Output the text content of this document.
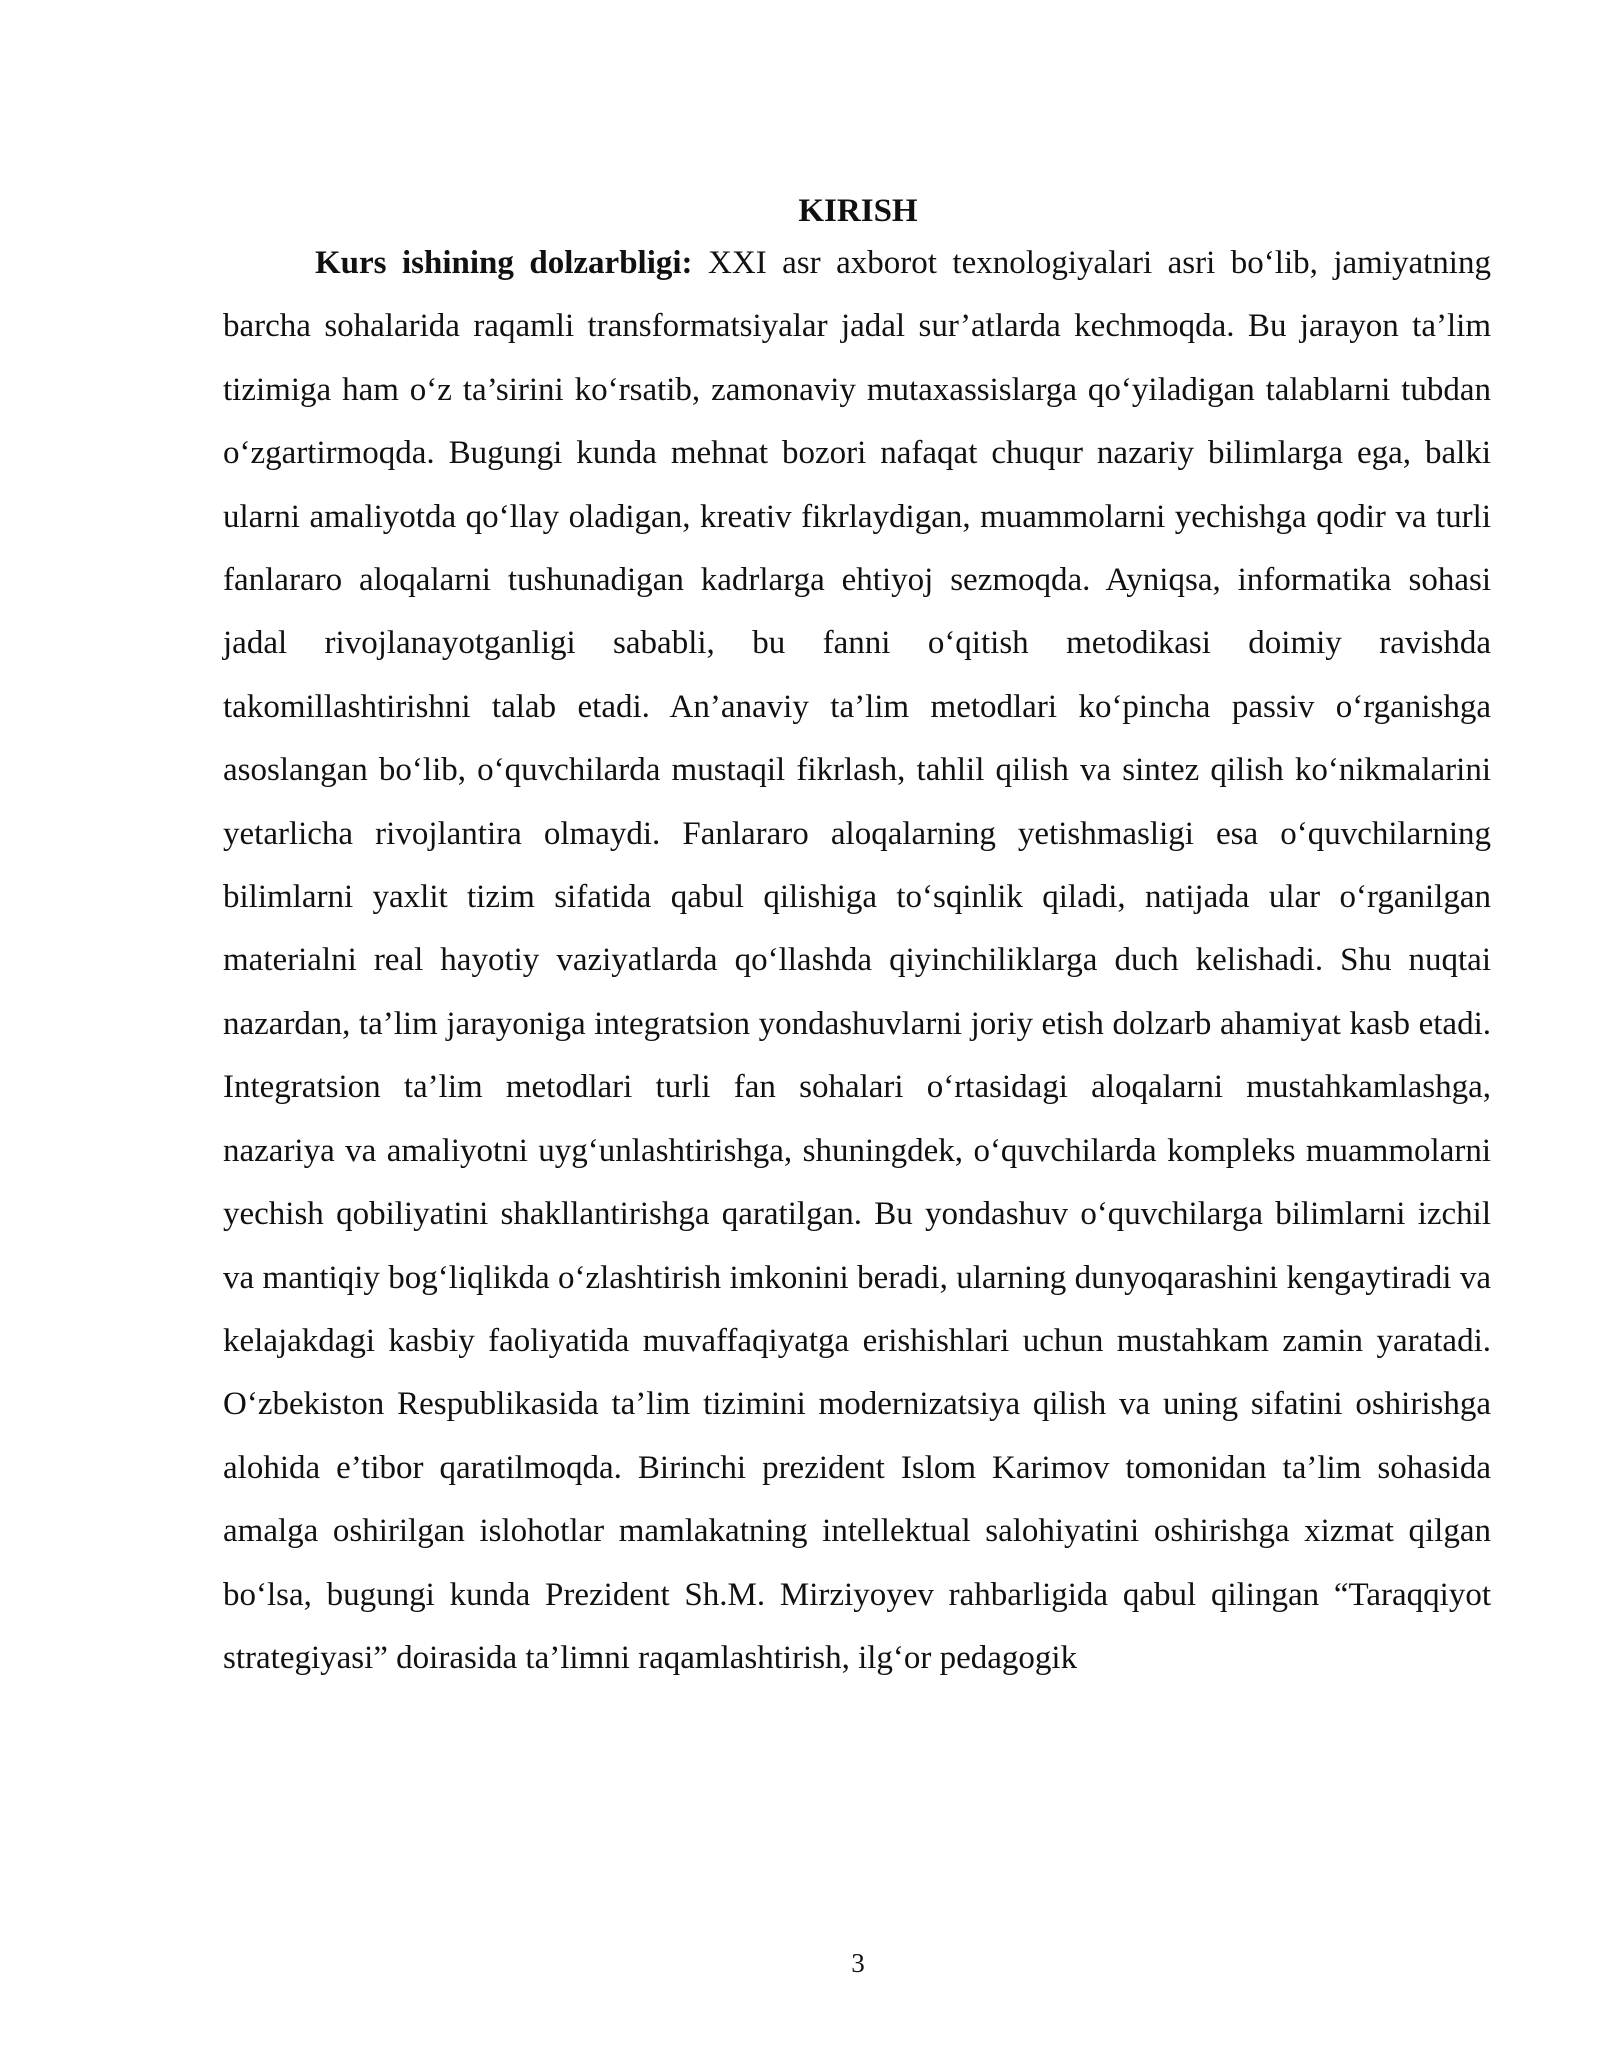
KIRISH

Kurs ishining dolzarbligi: XXI asr axborot texnologiyalari asri bo‘lib, jamiyatning barcha sohalarida raqamli transformatsiyalar jadal sur’atlarda kechmoqda. Bu jarayon ta’lim tizimiga ham o‘z ta’sirini ko‘rsatib, zamonaviy mutaxassislarga qo‘yiladigan talablarni tubdan o‘zgartirmoqda. Bugungi kunda mehnat bozori nafaqat chuqur nazariy bilimlarga ega, balki ularni amaliyotda qo‘llay oladigan, kreativ fikrlaydigan, muammolarni yechishga qodir va turli fanlararo aloqalarni tushunadigan kadrlarga ehtiyoj sezmoqda. Ayniqsa, informatika sohasi jadal rivojlanayotganligi sababli, bu fanni o‘qitish metodikasi doimiy ravishda takomillashtirishni talab etadi. An’anaviy ta’lim metodlari ko‘pincha passiv o‘rganishga asoslangan bo‘lib, o‘quvchilarda mustaqil fikrlash, tahlil qilish va sintez qilish ko‘nikmalarini yetarlicha rivojlantira olmaydi. Fanlararo aloqalarning yetishmasligi esa o‘quvchilarning bilimlarni yaxlit tizim sifatida qabul qilishiga to‘sqinlik qiladi, natijada ular o‘rganilgan materialni real hayotiy vaziyatlarda qo‘llashda qiyinchiliklarga duch kelishadi. Shu nuqtai nazardan, ta’lim jarayoniga integratsion yondashuvlarni joriy etish dolzarb ahamiyat kasb etadi. Integratsion ta’lim metodlari turli fan sohalari o‘rtasidagi aloqalarni mustahkamlashga, nazariya va amaliyotni uyg‘unlashtirishga, shuningdek, o‘quvchilarda kompleks muammolarni yechish qobiliyatini shakllantirishga qaratilgan. Bu yondashuv o‘quvchilarga bilimlarni izchil va mantiqiy bog‘liqlikda o‘zlashtirish imkonini beradi, ularning dunyoqarashini kengaytiradi va kelajakdagi kasbiy faoliyatida muvaffaqiyatga erishishlari uchun mustahkam zamin yaratadi. O‘zbekiston Respublikasida ta’lim tizimini modernizatsiya qilish va uning sifatini oshirishga alohida e’tibor qaratilmoqda. Birinchi prezident Islom Karimov tomonidan ta’lim sohasida amalga oshirilgan islohotlar mamlakatning intellektual salohiyatini oshirishga xizmat qilgan bo‘lsa, bugungi kunda Prezident Sh.M. Mirziyoyev rahbarligida qabul qilingan “Taraqqiyot strategiyasi” doirasida ta’limni raqamlashtirish, ilg‘or pedagogik

3
